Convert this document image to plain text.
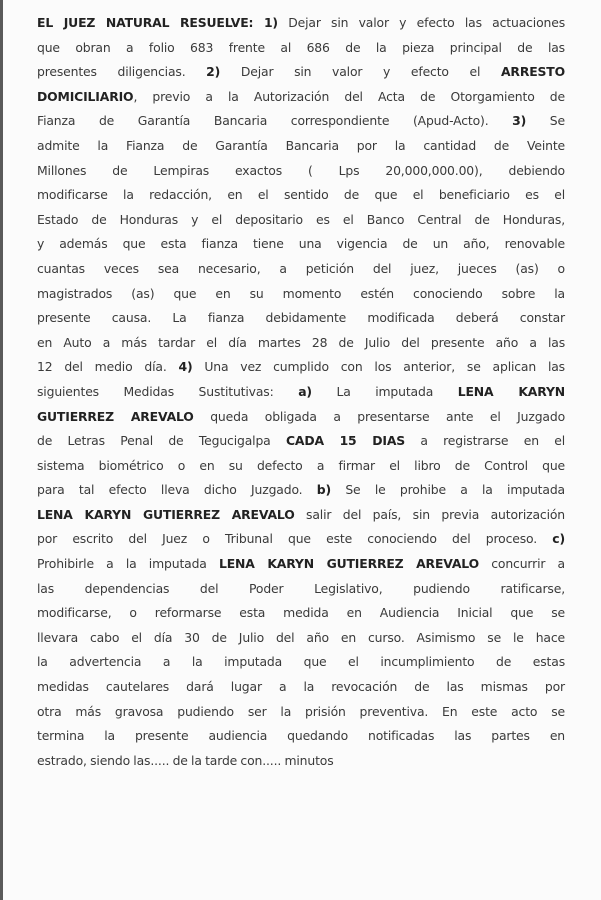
EL JUEZ NATURAL RESUELVE: 1) Dejar sin valor y efecto las actuaciones
que obran a folio 683 frente al 686 de la pieza principal de las
presentes diligencias. 2) Dejar sin valor y efecto el ARRESTO
DOMICILIARIO, previo a la Autorización del Acta de Otorgamiento de
Fianza de Garantía Bancaria correspondiente (Apud-Acto). 3) Se
admite la Fianza de Garantía Bancaria por la cantidad de Veinte
Millones de Lempiras exactos ( Lps 20,000,000.00), debiendo
modificarse la redacción, en el sentido de que el beneficiario es el
Estado de Honduras y el depositario es el Banco Central de Honduras,
y además que esta fianza tiene una vigencia de un año, renovable
cuantas veces sea necesario, a petición del juez, jueces (as) o
magistrados (as) que en su momento estén conociendo sobre la
presente causa. La fianza debidamente modificada deberá constar
en Auto a más tardar el día martes 28 de Julio del presente año a las
12 del medio día. 4) Una vez cumplido con los anterior, se aplican las
siguientes Medidas Sustitutivas: a) La imputada LENA KARYN
GUTIERREZ AREVALO queda obligada a presentarse ante el Juzgado
de Letras Penal de Tegucigalpa CADA 15 DIAS a registrarse en el
sistema biométrico o en su defecto a firmar el libro de Control que
para tal efecto lleva dicho Juzgado. b) Se le prohibe a la imputada
LENA KARYN GUTIERREZ AREVALO salir del país, sin previa autorización
por escrito del Juez o Tribunal que este conociendo del proceso. c)
Prohibirle a la imputada LENA KARYN GUTIERREZ AREVALO concurrir a
las dependencias del Poder Legislativo, pudiendo ratificarse,
modificarse, o reformarse esta medida en Audiencia Inicial que se
llevara cabo el día 30 de Julio del año en curso. Asimismo se le hace
la advertencia a la imputada que el incumplimiento de estas
medidas cautelares dará lugar a la revocación de las mismas por
otra más gravosa pudiendo ser la prisión preventiva. En este acto se
termina la presente audiencia quedando notificadas las partes en
estrado, siendo las..... de la tarde con..... minutos
